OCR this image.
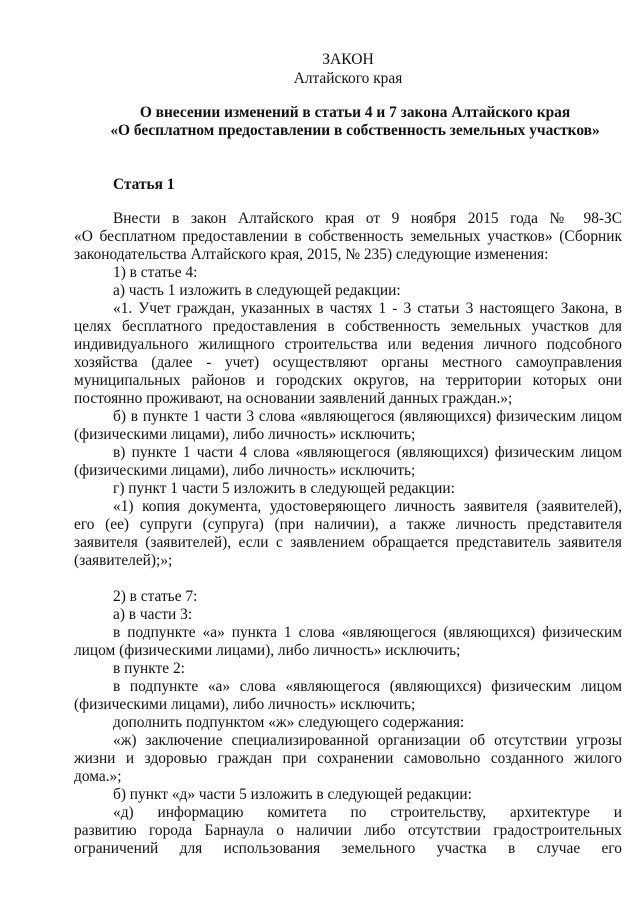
ЗАКОН
Алтайского края
О внесении изменений в статьи 4 и 7 закона Алтайского края
«О бесплатном предоставлении в собственность земельных участков»
Статья 1
Внести в закон Алтайского края от 9 ноября 2015 года № 98-ЗС
«О бесплатном предоставлении в собственность земельных участков» (Сборник
законодательства Алтайского края, 2015, № 235) следующие изменения:
1) в статье 4:
а) часть 1 изложить в следующей редакции:
«1. Учет граждан, указанных в частях 1 - 3 статьи 3 настоящего Закона, в
целях бесплатного предоставления в собственность земельных участков для
индивидуального жилищного строительства или ведения личного подсобного
хозяйства (далее - учет) осуществляют органы местного самоуправления
муниципальных районов и городских округов, на территории которых они
постоянно проживают, на основании заявлений данных граждан.»;
б) в пункте 1 части 3 слова «являющегося (являющихся) физическим лицом
(физическими лицами), либо личность» исключить;
в) пункте 1 части 4 слова «являющегося (являющихся) физическим лицом
(физическими лицами), либо личность» исключить;
г) пункт 1 части 5 изложить в следующей редакции:
«1) копия документа, удостоверяющего личность заявителя (заявителей),
его (ее) супруги (супруга) (при наличии), а также личность представителя
заявителя (заявителей), если с заявлением обращается представитель заявителя
(заявителей);»;
2) в статье 7:
а) в части 3:
в подпункте «а» пункта 1 слова «являющегося (являющихся) физическим
лицом (физическими лицами), либо личность» исключить;
в пункте 2:
в подпункте «а» слова «являющегося (являющихся) физическим лицом
(физическими лицами), либо личность» исключить;
дополнить подпунктом «ж» следующего содержания:
«ж) заключение специализированной организации об отсутствии угрозы
жизни и здоровью граждан при сохранении самовольно созданного жилого
дома.»;
б) пункт «д» части 5 изложить в следующей редакции:
«д) информацию комитета по строительству, архитектуре и
развитию города Барнаула о наличии либо отсутствии градостроительных
ограничений для использования земельного участка в случае его
